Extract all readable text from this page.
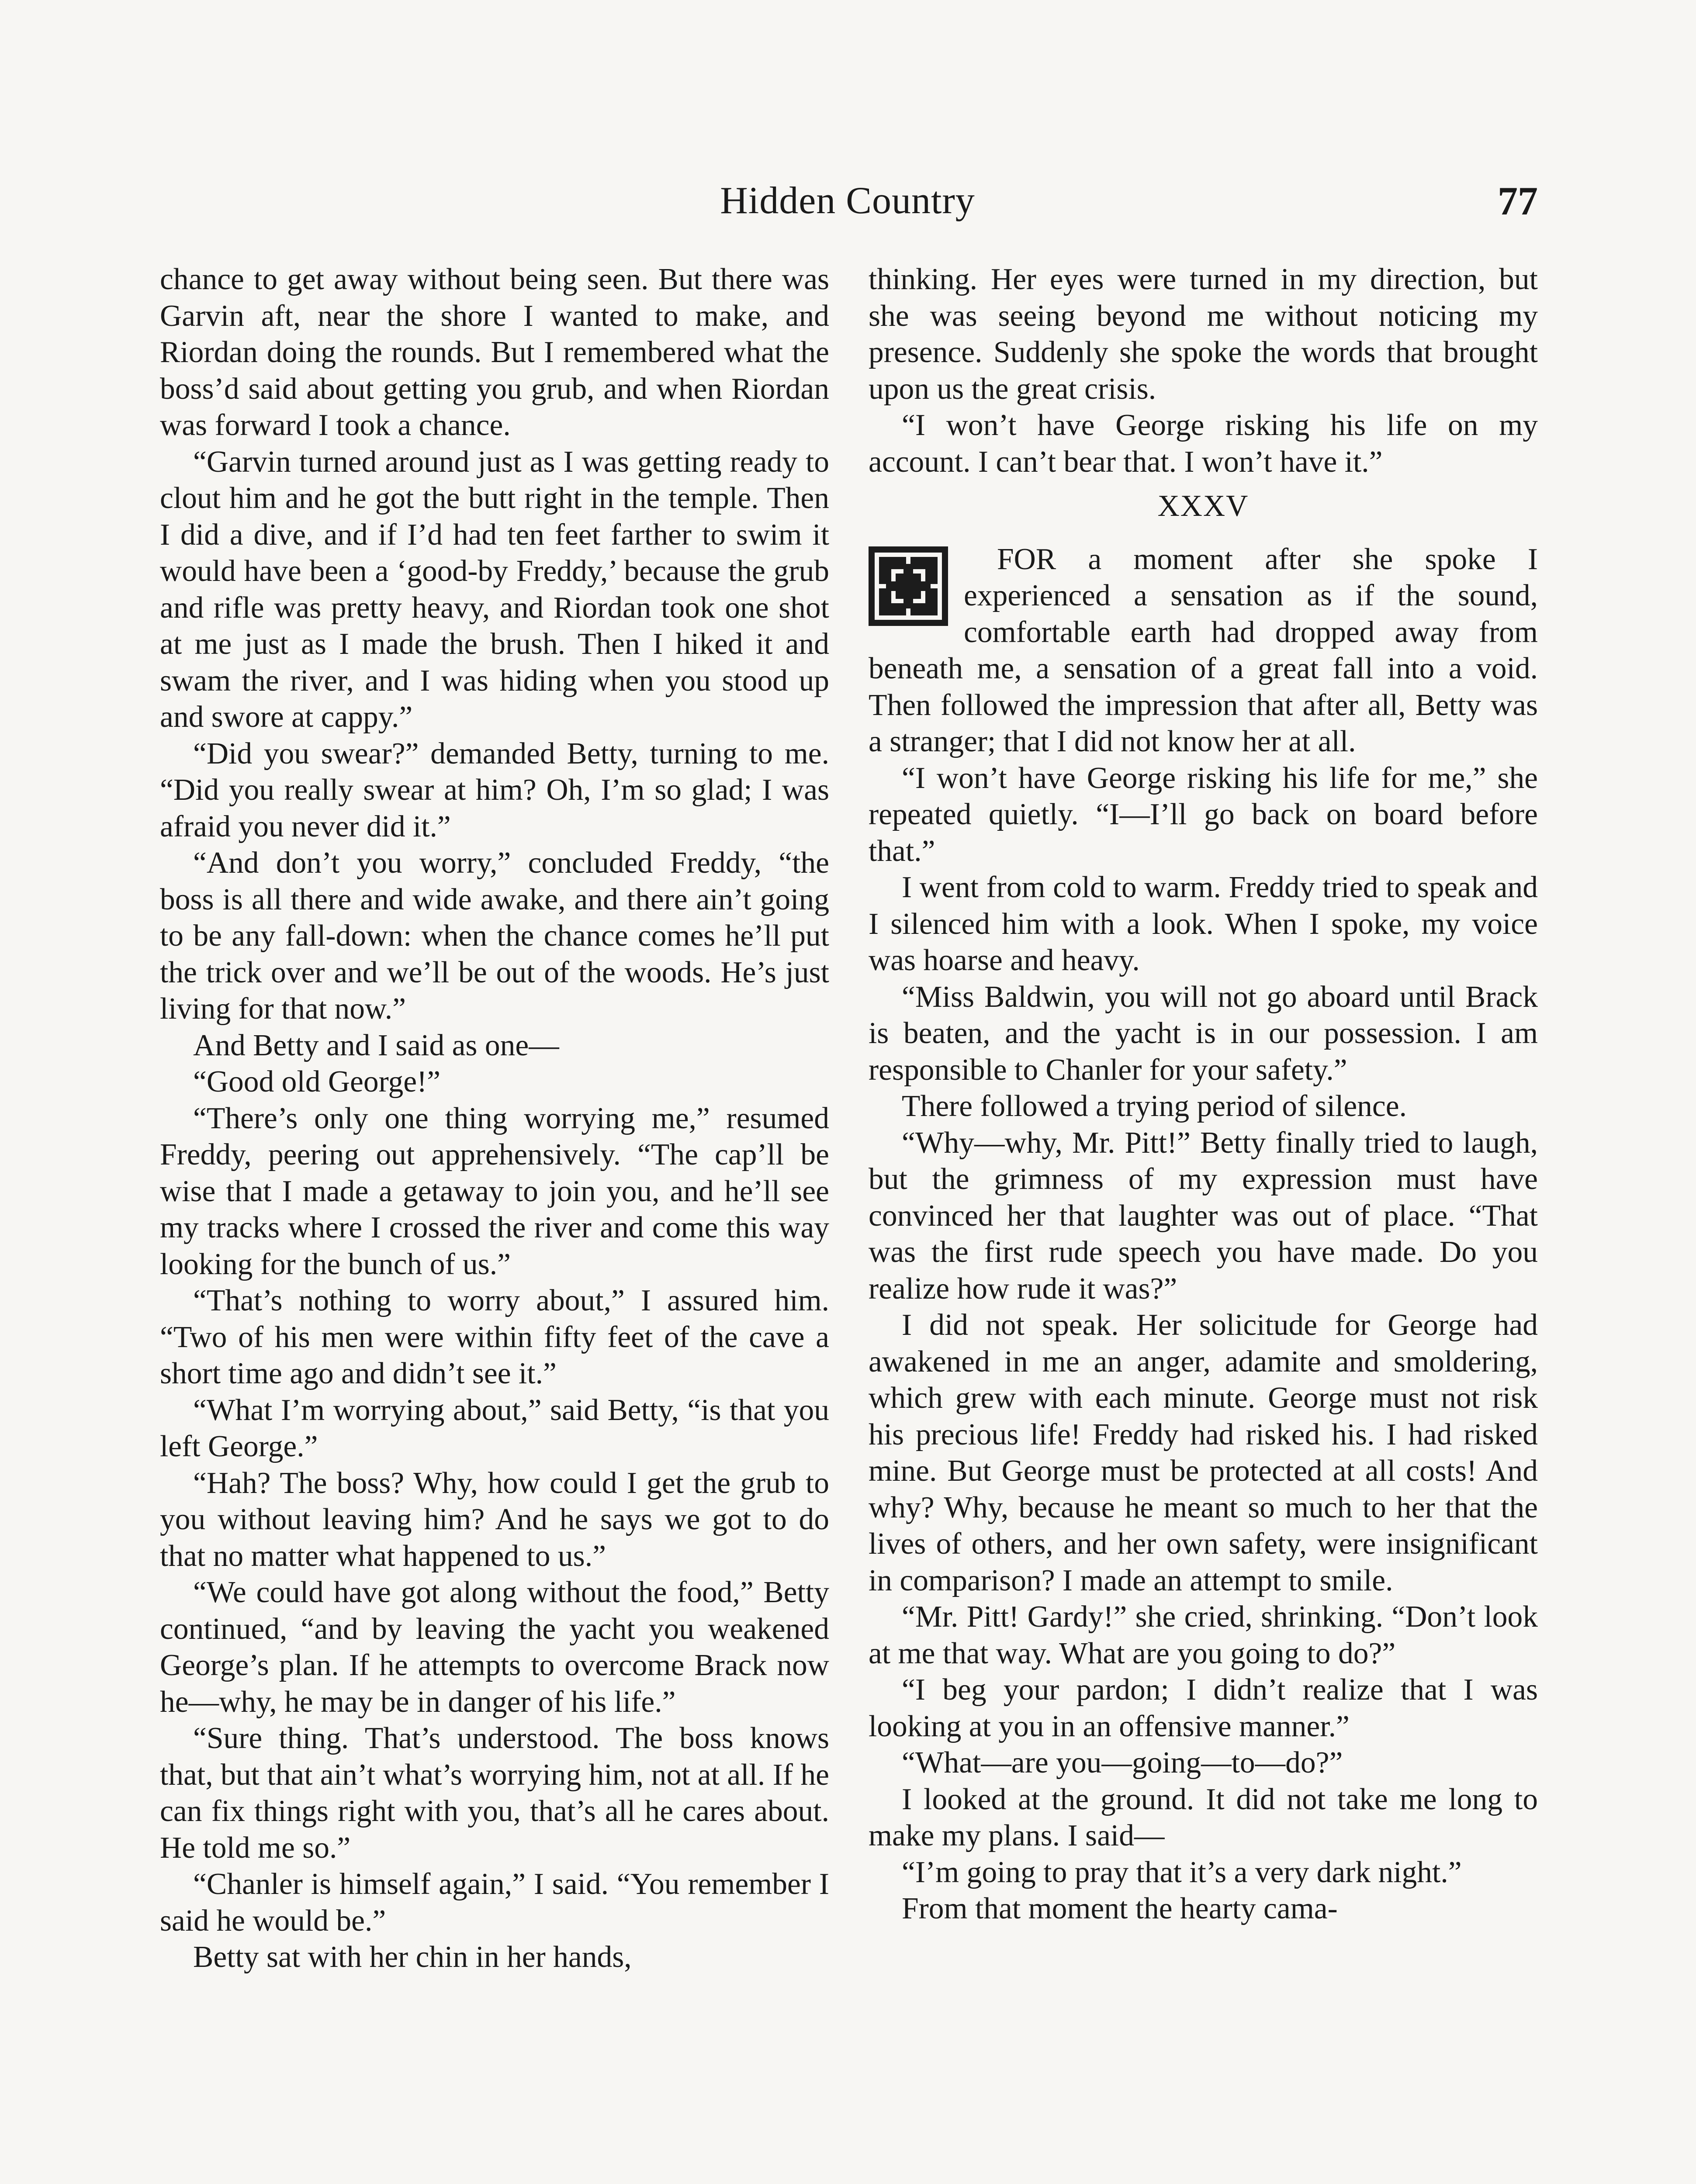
Hidden Country	77

chance to get away without being seen. But there was Garvin aft, near the shore I wanted to make, and Riordan doing the rounds. But I remembered what the boss’d said about getting you grub, and when Riordan was forward I took a chance.

“Garvin turned around just as I was getting ready to clout him and he got the butt right in the temple. Then I did a dive, and if I’d had ten feet farther to swim it would have been a ‘good-by Freddy,’ because the grub and rifle was pretty heavy, and Riordan took one shot at me just as I made the brush. Then I hiked it and swam the river, and I was hiding when you stood up and swore at cappy.”

“Did you swear?” demanded Betty, turning to me. “Did you really swear at him? Oh, I’m so glad; I was afraid you never did it.”

“And don’t you worry,” concluded Freddy, “the boss is all there and wide awake, and there ain’t going to be any fall-down: when the chance comes he’ll put the trick over and we’ll be out of the woods. He’s just living for that now.”

And Betty and I said as one—

“Good old George!”

“There’s only one thing worrying me,” resumed Freddy, peering out apprehensively. “The cap’ll be wise that I made a getaway to join you, and he’ll see my tracks where I crossed the river and come this way looking for the bunch of us.”

“That’s nothing to worry about,” I assured him. “Two of his men were within fifty feet of the cave a short time ago and didn’t see it.”

“What I’m worrying about,” said Betty, “is that you left George.”

“Hah? The boss? Why, how could I get the grub to you without leaving him? And he says we got to do that no matter what happened to us.”

“We could have got along without the food,” Betty continued, “and by leaving the yacht you weakened George’s plan. If he attempts to overcome Brack now he—why, he may be in danger of his life.”

“Sure thing. That’s understood. The boss knows that, but that ain’t what’s worrying him, not at all. If he can fix things right with you, that’s all he cares about. He told me so.”

“Chanler is himself again,” I said. “You remember I said he would be.”

Betty sat with her chin in her hands,

thinking. Her eyes were turned in my direction, but she was seeing beyond me without noticing my presence. Suddenly she spoke the words that brought upon us the great crisis.

“I won’t have George risking his life on my account. I can’t bear that. I won’t have it.”

XXXV

FOR a moment after she spoke I experienced a sensation as if the sound, comfortable earth had dropped away from beneath me, a sensation of a great fall into a void. Then followed the impression that after all, Betty was a stranger; that I did not know her at all.

“I won’t have George risking his life for me,” she repeated quietly. “I—I’ll go back on board before that.”

I went from cold to warm. Freddy tried to speak and I silenced him with a look. When I spoke, my voice was hoarse and heavy.

“Miss Baldwin, you will not go aboard until Brack is beaten, and the yacht is in our possession. I am responsible to Chanler for your safety.”

There followed a trying period of silence.

“Why—why, Mr. Pitt!” Betty finally tried to laugh, but the grimness of my expression must have convinced her that laughter was out of place. “That was the first rude speech you have made. Do you realize how rude it was?”

I did not speak. Her solicitude for George had awakened in me an anger, adamite and smoldering, which grew with each minute. George must not risk his precious life! Freddy had risked his. I had risked mine. But George must be protected at all costs! And why? Why, because he meant so much to her that the lives of others, and her own safety, were insignificant in comparison? I made an attempt to smile.

“Mr. Pitt! Gardy!” she cried, shrinking. “Don’t look at me that way. What are you going to do?”

“I beg your pardon; I didn’t realize that I was looking at you in an offensive manner.”

“What—are you—going—to—do?”

I looked at the ground. It did not take me long to make my plans. I said—

“I’m going to pray that it’s a very dark night.”

From that moment the hearty cama-
